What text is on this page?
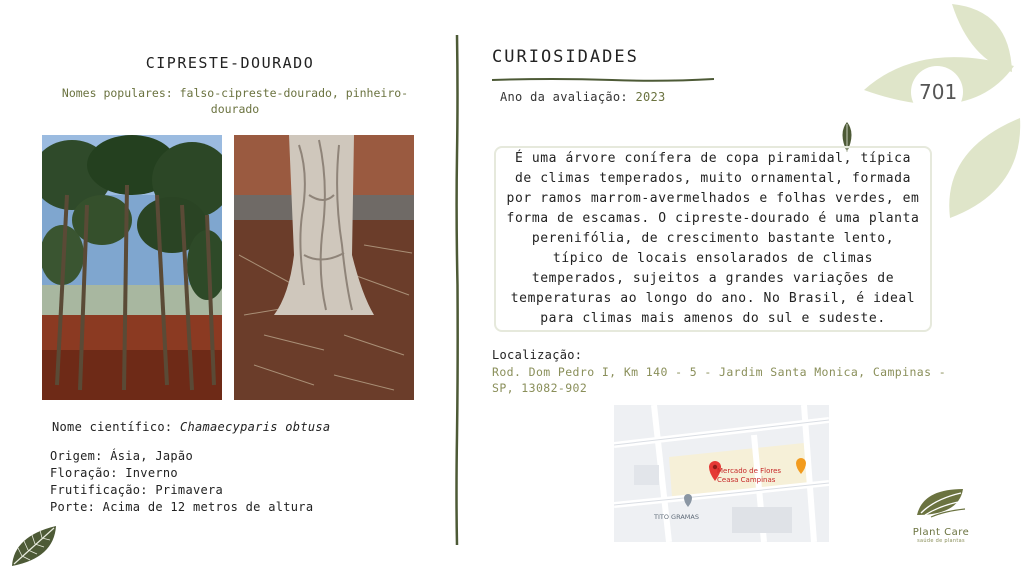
CIPRESTE-DOURADO
Nomes populares: falso-cipreste-dourado, pinheiro-dourado
Nome científico: Chamaecyparis obtusa
Origem: Ásia, Japão
Floração: Inverno
Frutificação: Primavera
Porte: Acima de 12 metros de altura
CURIOSIDADES
Ano da avaliação: 2023

É uma árvore conífera de copa piramidal, típica de climas temperados, muito ornamental, formada por ramos marrom-avermelhados e folhas verdes, em forma de escamas. O cipreste-dourado é uma planta perenifólia, de crescimento bastante lento, típico de locais ensolarados de climas temperados, sujeitos a grandes variações de temperaturas ao longo do ano. No Brasil, é ideal para climas mais amenos do sul e sudeste.

Localização:
Rod. Dom Pedro I, Km 140 - 5 - Jardim Santa Monica, Campinas - SP, 13082-902
Mercado de Flores
Ceasa Campinas
TITO GRAMAS
701
Plant Care
saúde de plantas
